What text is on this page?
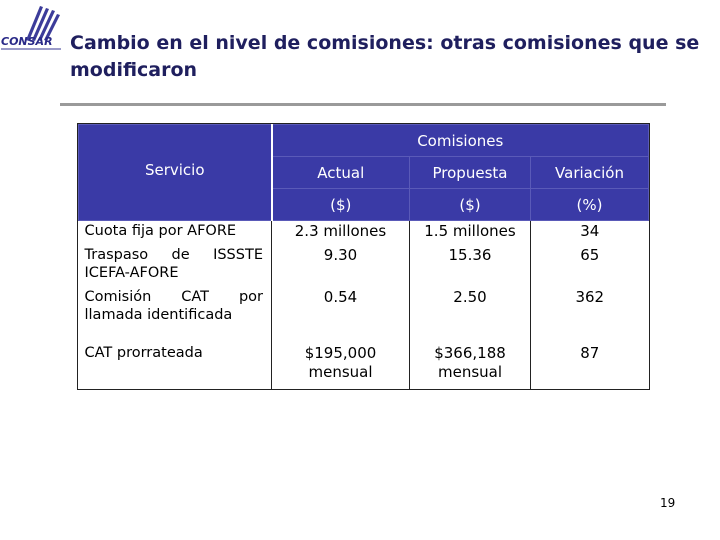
CONSAR Cambio en el nivel de comisiones: otras comisiones que se modificaron
Servicio	Comisiones		
	Actual	Propuesta	Variación
	($)	($)	(%)
Cuota fija por AFORE	2.3 millones	1.5 millones	34
Traspaso de ISSSTE ICEFA-AFORE	9.30	15.36	65
Comisión CAT por llamada identificada	0.54	2.50	362
CAT prorrateada	$195,000 mensual	$366,188 mensual	87
19
